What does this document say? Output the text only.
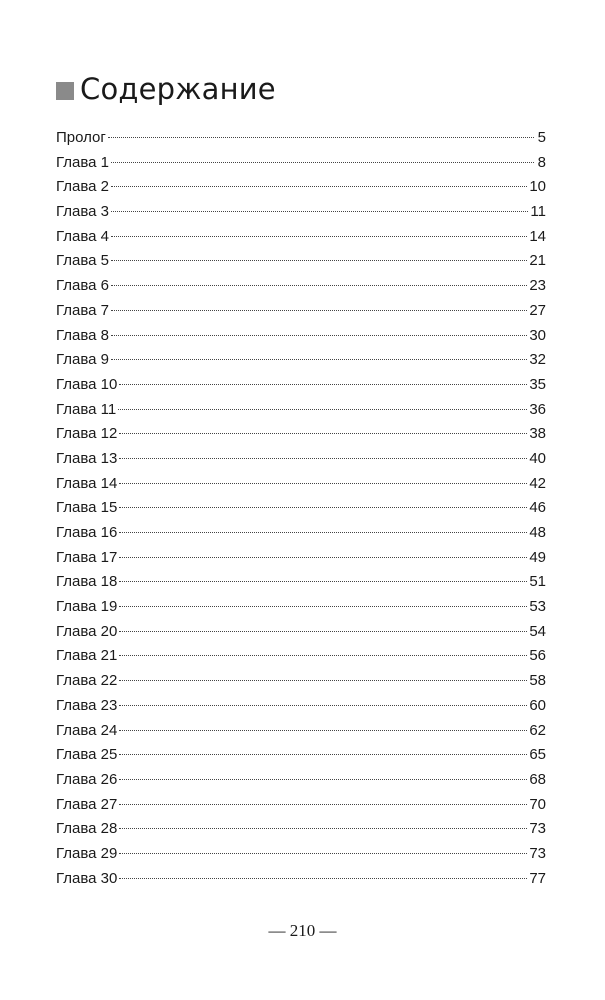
Содержание
Пролог	5
Глава 1	8
Глава 2	10
Глава 3	11
Глава 4	14
Глава 5	21
Глава 6	23
Глава 7	27
Глава 8	30
Глава 9	32
Глава 10	35
Глава 11	36
Глава 12	38
Глава 13	40
Глава 14	42
Глава 15	46
Глава 16	48
Глава 17	49
Глава 18	51
Глава 19	53
Глава 20	54
Глава 21	56
Глава 22	58
Глава 23	60
Глава 24	62
Глава 25	65
Глава 26	68
Глава 27	70
Глава 28	73
Глава 29	73
Глава 30	77
— 210 —
